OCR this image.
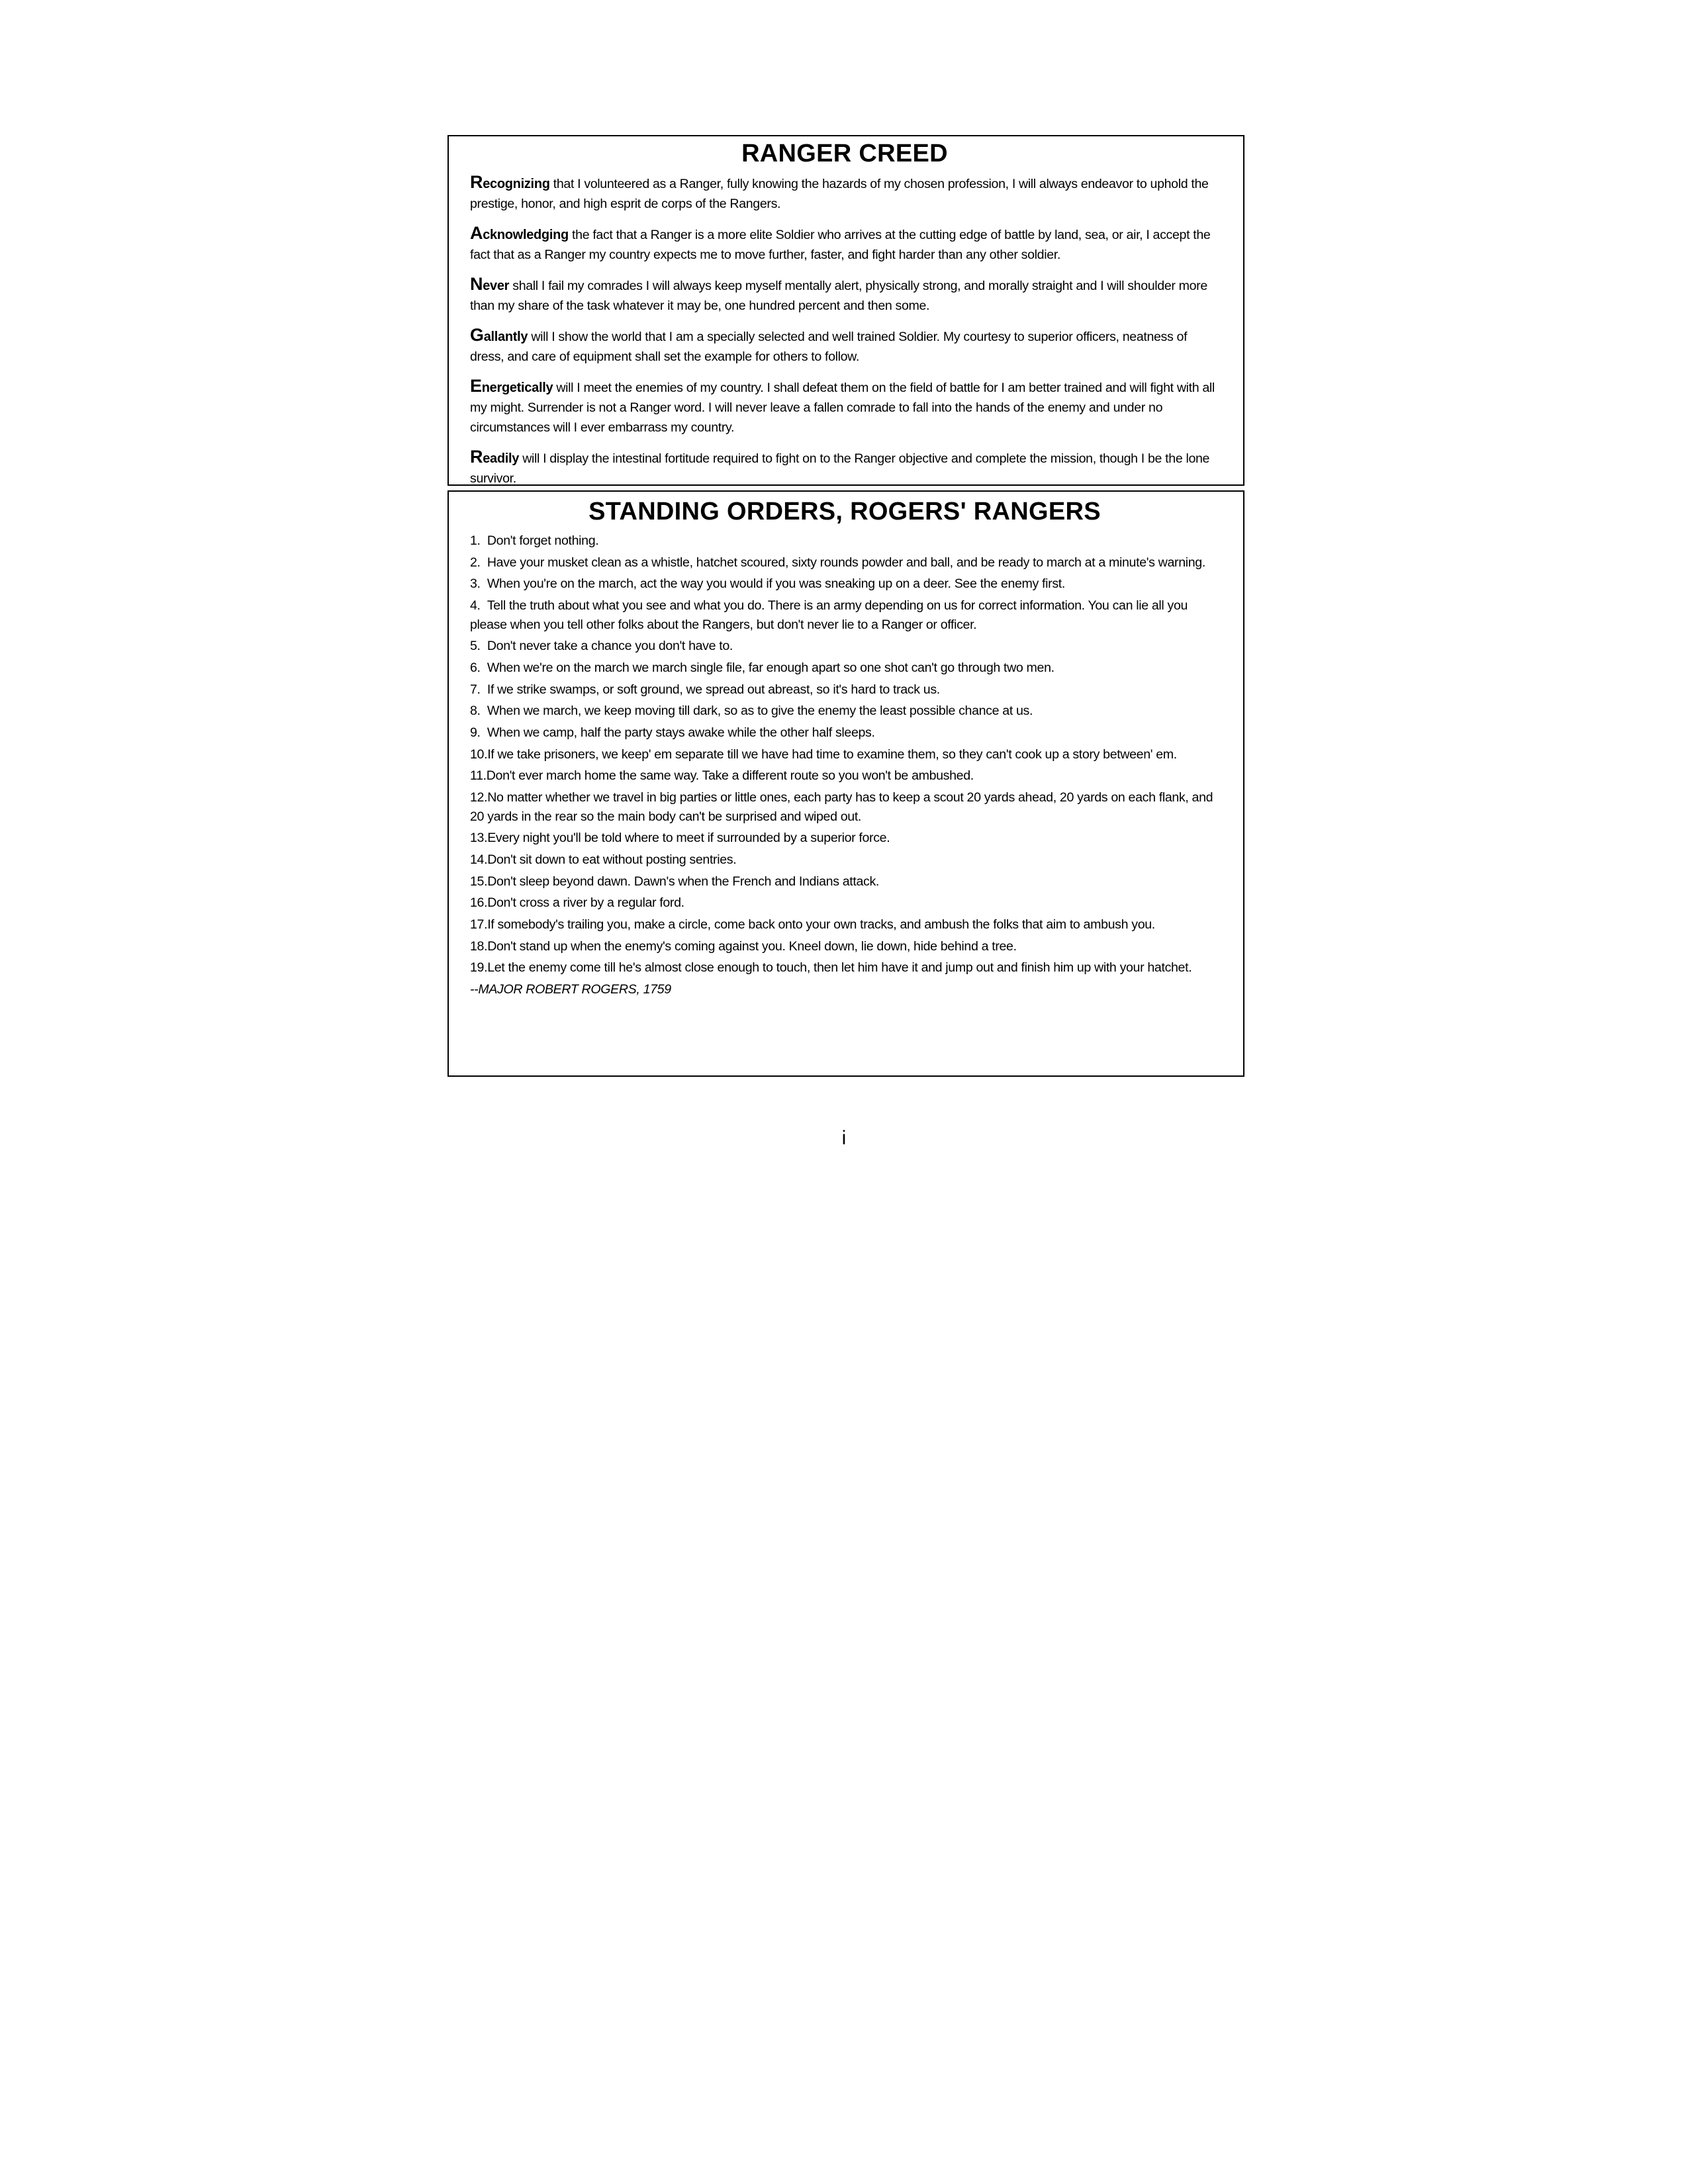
RANGER CREED

Recognizing that I volunteered as a Ranger, fully knowing the hazards of my chosen profession, I will always endeavor to uphold the prestige, honor, and high esprit de corps of the Rangers.

Acknowledging the fact that a Ranger is a more elite Soldier who arrives at the cutting edge of battle by land, sea, or air, I accept the fact that as a Ranger my country expects me to move further, faster, and fight harder than any other soldier.

Never shall I fail my comrades I will always keep myself mentally alert, physically strong, and morally straight and I will shoulder more than my share of the task whatever it may be, one hundred percent and then some.

Gallantly will I show the world that I am a specially selected and well trained Soldier. My courtesy to superior officers, neatness of dress, and care of equipment shall set the example for others to follow.

Energetically will I meet the enemies of my country. I shall defeat them on the field of battle for I am better trained and will fight with all my might. Surrender is not a Ranger word. I will never leave a fallen comrade to fall into the hands of the enemy and under no circumstances will I ever embarrass my country.

Readily will I display the intestinal fortitude required to fight on to the Ranger objective and complete the mission, though I be the lone survivor.

STANDING ORDERS, ROGERS' RANGERS

1.  Don't forget nothing.

2.  Have your musket clean as a whistle, hatchet scoured, sixty rounds powder and ball, and be ready to march at a minute's warning.

3.  When you're on the march, act the way you would if you was sneaking up on a deer. See the enemy first.

4.  Tell the truth about what you see and what you do. There is an army depending on us for correct information. You can lie all you please when you tell other folks about the Rangers, but don't never lie to a Ranger or officer.

5.  Don't never take a chance you don't have to.

6.  When we're on the march we march single file, far enough apart so one shot can't go through two men.

7.  If we strike swamps, or soft ground, we spread out abreast, so it's hard to track us.

8.  When we march, we keep moving till dark, so as to give the enemy the least possible chance at us.

9.  When we camp, half the party stays awake while the other half sleeps.

10.If we take prisoners, we keep' em separate till we have had time to examine them, so they can't cook up a story between' em.

11.Don't ever march home the same way. Take a different route so you won't be ambushed.

12.No matter whether we travel in big parties or little ones, each party has to keep a scout 20 yards ahead, 20 yards on each flank, and 20 yards in the rear so the main body can't be surprised and wiped out.

13.Every night you'll be told where to meet if surrounded by a superior force.

14.Don't sit down to eat without posting sentries.

15.Don't sleep beyond dawn. Dawn's when the French and Indians attack.

16.Don't cross a river by a regular ford.

17.If somebody's trailing you, make a circle, come back onto your own tracks, and ambush the folks that aim to ambush you.

18.Don't stand up when the enemy's coming against you. Kneel down, lie down, hide behind a tree.

19.Let the enemy come till he's almost close enough to touch, then let him have it and jump out and finish him up with your hatchet.

--MAJOR ROBERT ROGERS, 1759

i
